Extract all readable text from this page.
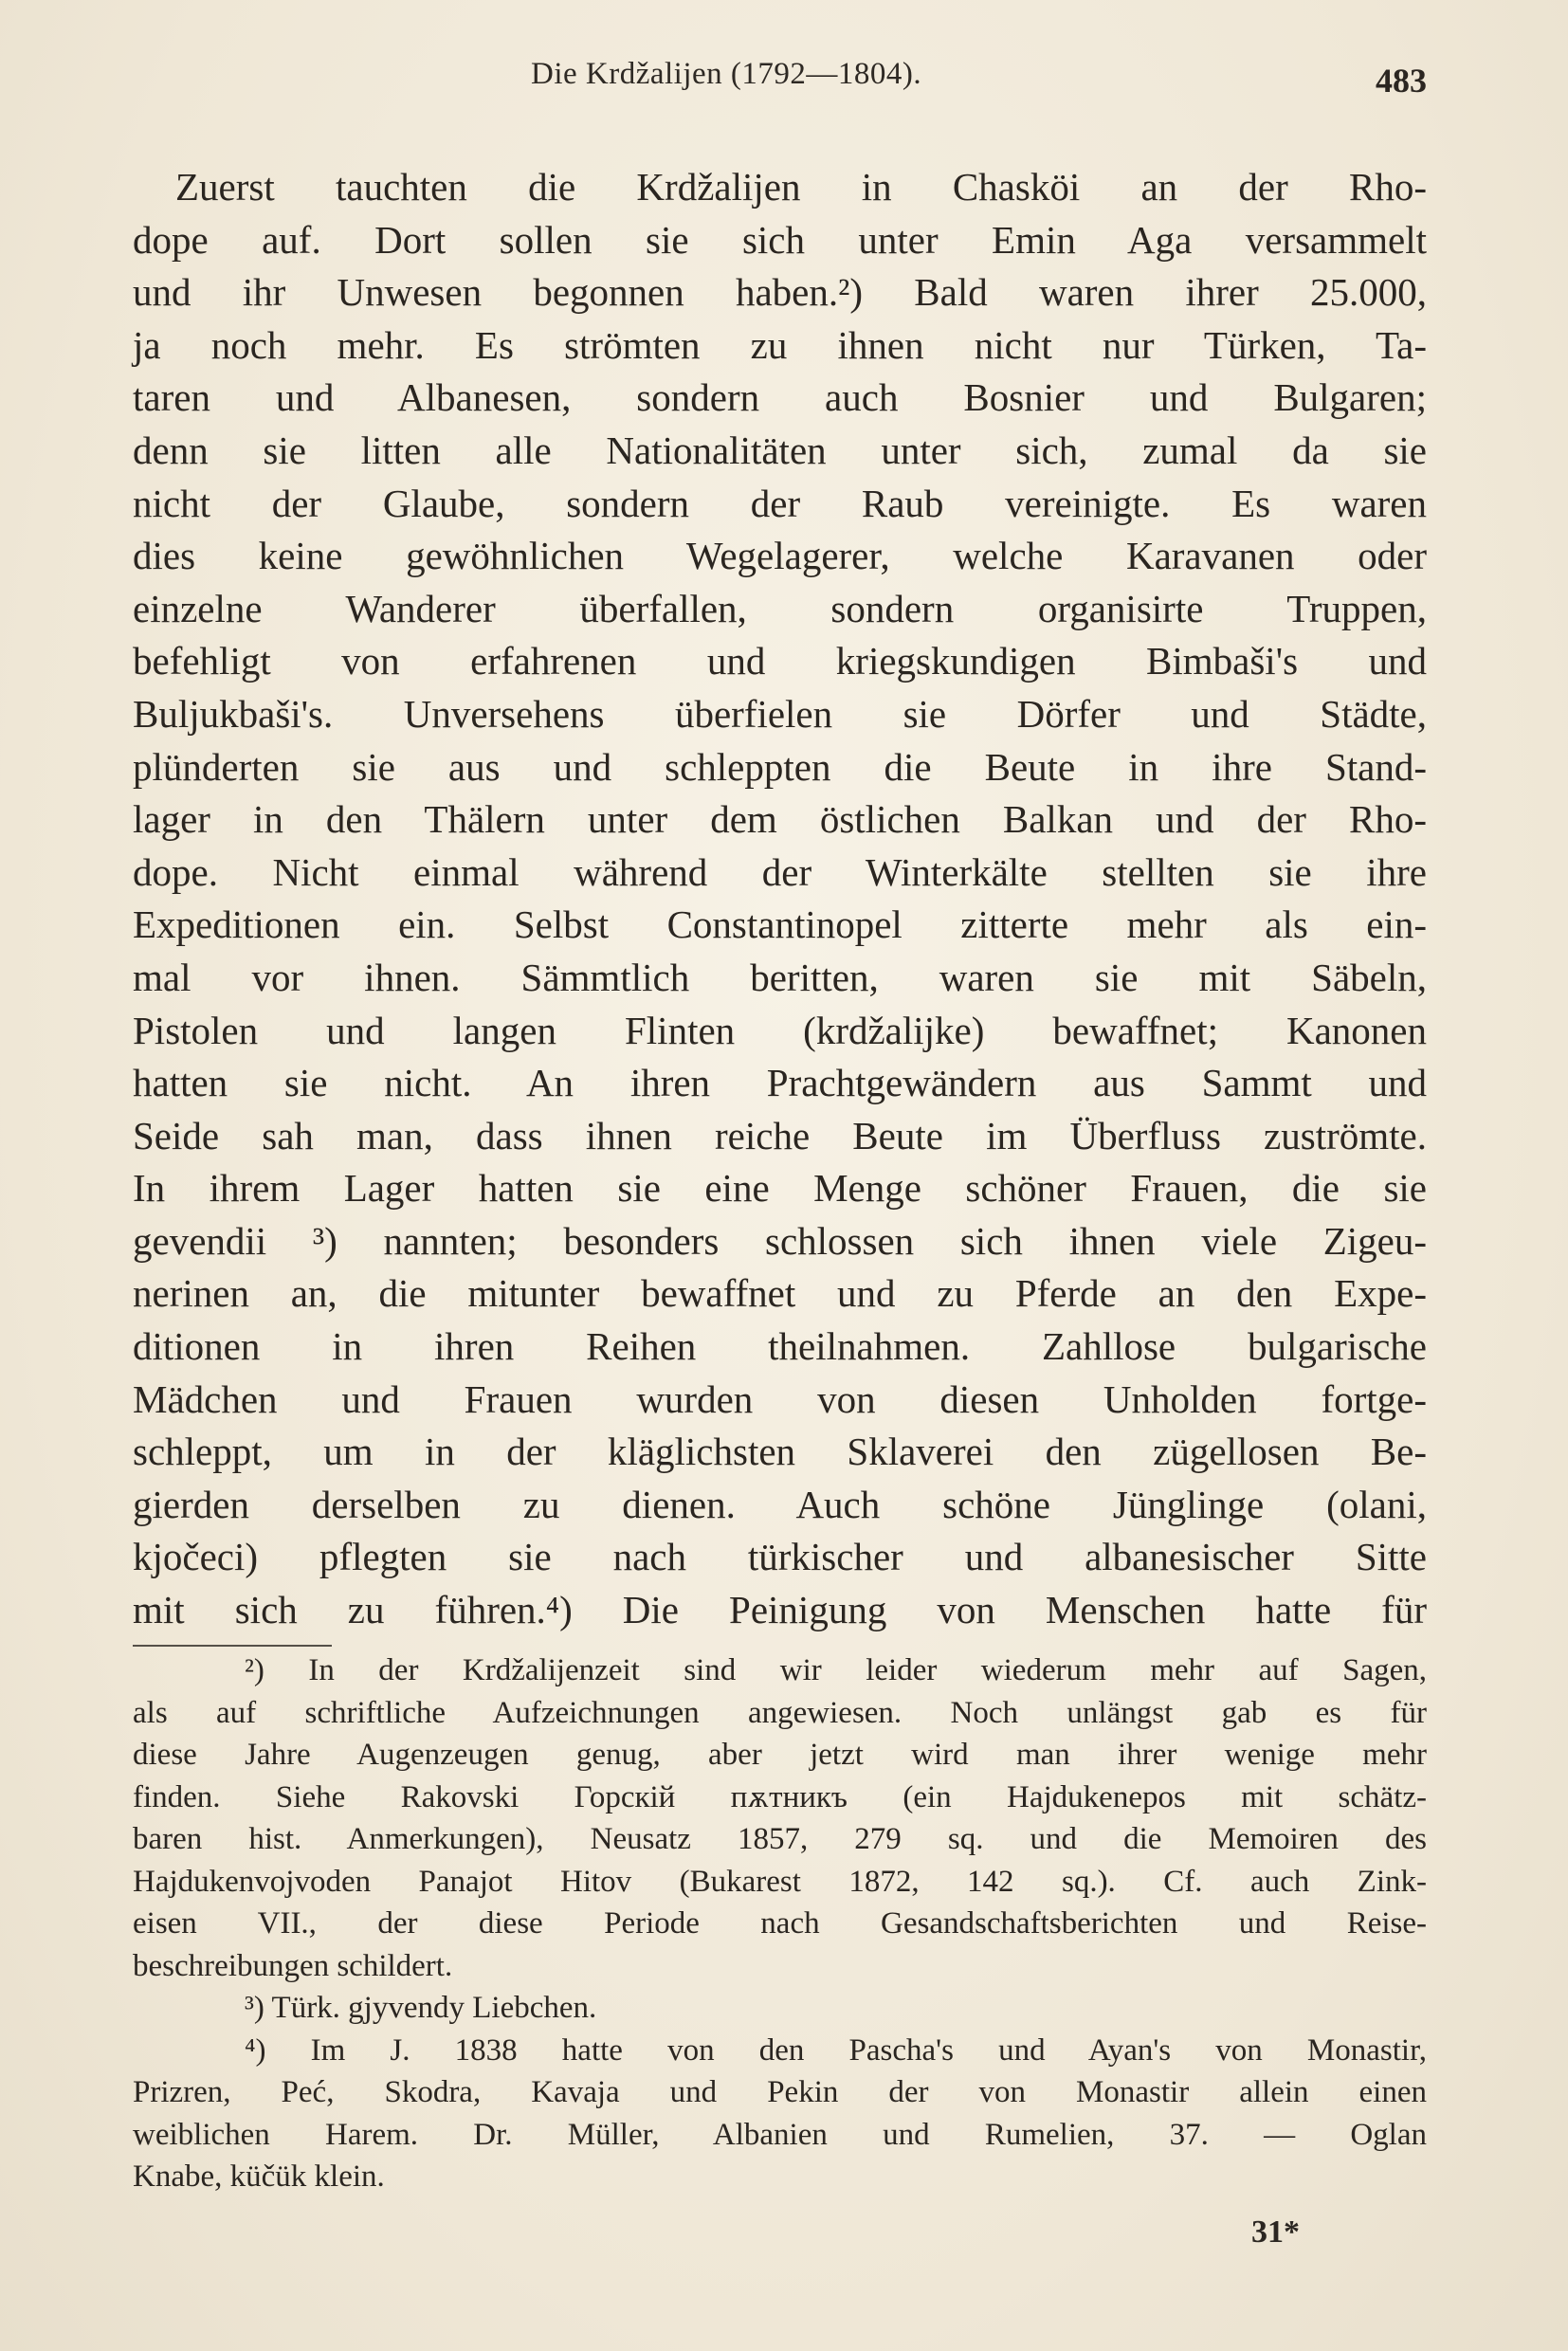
Die Krdžalijen (1792—1804).	483
Zuerst tauchten die Krdžalijen in Chasköi an der Rho-
dope auf. Dort sollen sie sich unter Emin Aga versammelt
und ihr Unwesen begonnen haben.²) Bald waren ihrer 25.000,
ja noch mehr. Es strömten zu ihnen nicht nur Türken, Ta-
taren und Albanesen, sondern auch Bosnier und Bulgaren;
denn sie litten alle Nationalitäten unter sich, zumal da sie
nicht der Glaube, sondern der Raub vereinigte. Es waren
dies keine gewöhnlichen Wegelagerer, welche Karavanen oder
einzelne Wanderer überfallen, sondern organisirte Truppen,
befehligt von erfahrenen und kriegskundigen Bimbaši's und
Buljukbaši's. Unversehens überfielen sie Dörfer und Städte,
plünderten sie aus und schleppten die Beute in ihre Stand-
lager in den Thälern unter dem östlichen Balkan und der Rho-
dope. Nicht einmal während der Winterkälte stellten sie ihre
Expeditionen ein. Selbst Constantinopel zitterte mehr als ein-
mal vor ihnen. Sämmtlich beritten, waren sie mit Säbeln,
Pistolen und langen Flinten (krdžalijke) bewaffnet; Kanonen
hatten sie nicht. An ihren Prachtgewändern aus Sammt und
Seide sah man, dass ihnen reiche Beute im Überfluss zuströmte.
In ihrem Lager hatten sie eine Menge schöner Frauen, die sie
gevendii ³) nannten; besonders schlossen sich ihnen viele Zigeu-
nerinen an, die mitunter bewaffnet und zu Pferde an den Expe-
ditionen in ihren Reihen theilnahmen. Zahllose bulgarische
Mädchen und Frauen wurden von diesen Unholden fortge-
schleppt, um in der kläglichsten Sklaverei den zügellosen Be-
gierden derselben zu dienen. Auch schöne Jünglinge (olani,
kjočeci) pflegten sie nach türkischer und albanesischer Sitte
mit sich zu führen.⁴) Die Peinigung von Menschen hatte für
²) In der Krdžalijenzeit sind wir leider wiederum mehr auf Sagen,
als auf schriftliche Aufzeichnungen angewiesen. Noch unlängst gab es für
diese Jahre Augenzeugen genug, aber jetzt wird man ihrer wenige mehr
finden. Siehe Rakovski Горскій пѫтникъ (ein Hajdukenepos mit schätz-
baren hist. Anmerkungen), Neusatz 1857, 279 sq. und die Memoiren des
Hajdukenvojvoden Panajot Hitov (Bukarest 1872, 142 sq.). Cf. auch Zink-
eisen VII., der diese Periode nach Gesandschaftsberichten und Reise-
beschreibungen schildert.
³) Türk. gjyvendy Liebchen.
⁴) Im J. 1838 hatte von den Pascha's und Ayan's von Monastir,
Prizren, Peć, Skodra, Kavaja und Pekin der von Monastir allein einen
weiblichen Harem. Dr. Müller, Albanien und Rumelien, 37. — Oglan
Knabe, küčük klein.
31*
